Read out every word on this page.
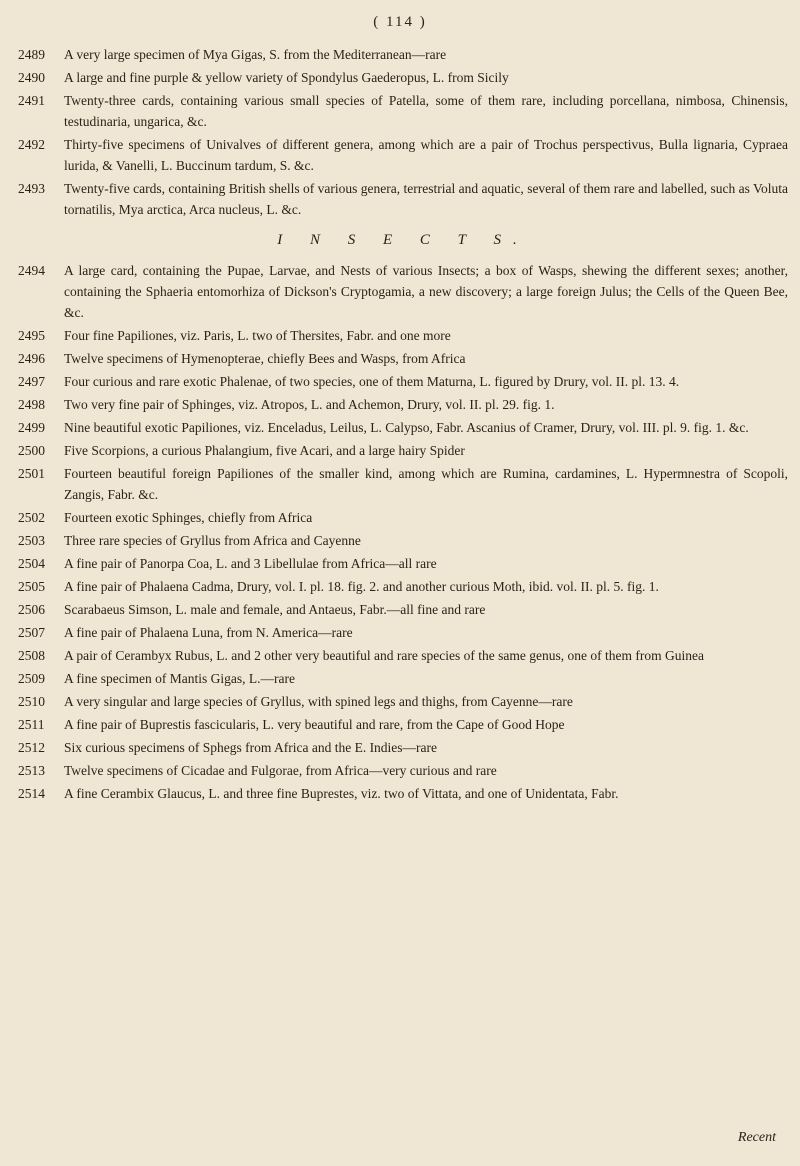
( 114 )
2489	A very large specimen of Mya Gigas, S. from the Mediterranean—rare
2490	A large and fine purple & yellow variety of Spondylus Gaederopus, L. from Sicily
2491	Twenty-three cards, containing various small species of Patella, some of them rare, including porcellana, nimbosa, Chinensis, testudinaria, ungarica, &c.
2492	Thirty-five specimens of Univalves of different genera, among which are a pair of Trochus perspectivus, Bulla lignaria, Cypraea lurida, & Vanelli, L. Buccinum tardum, S. &c.
2493	Twenty-five cards, containing British shells of various genera, terrestrial and aquatic, several of them rare and labelled, such as Voluta tornatilis, Mya arctica, Arca nucleus, L. &c.
I N S E C T S.
2494	A large card, containing the Pupae, Larvae, and Nests of various Insects; a box of Wasps, shewing the different sexes; another, containing the Sphaeria entomorhiza of Dickson's Cryptogamia, a new discovery; a large foreign Julus; the Cells of the Queen Bee, &c.
2495	Four fine Papiliones, viz. Paris, L. two of Thersites, Fabr. and one more
2496	Twelve specimens of Hymenopterae, chiefly Bees and Wasps, from Africa
2497	Four curious and rare exotic Phalenae, of two species, one of them Maturna, L. figured by Drury, vol. II. pl. 13. 4.
2498	Two very fine pair of Sphinges, viz. Atropos, L. and Achemon, Drury, vol. II. pl. 29. fig. 1.
2499	Nine beautiful exotic Papiliones, viz. Enceladus, Leilus, L. Calypso, Fabr. Ascanius of Cramer, Drury, vol. III. pl. 9. fig. 1. &c.
2500	Five Scorpions, a curious Phalangium, five Acari, and a large hairy Spider
2501	Fourteen beautiful foreign Papiliones of the smaller kind, among which are Rumina, cardamines, L. Hypermnestra of Scopoli, Zangis, Fabr. &c.
2502	Fourteen exotic Sphinges, chiefly from Africa
2503	Three rare species of Gryllus from Africa and Cayenne
2504	A fine pair of Panorpa Coa, L. and 3 Libellulae from Africa—all rare
2505	A fine pair of Phalaena Cadma, Drury, vol. I. pl. 18. fig. 2. and another curious Moth, ibid. vol. II. pl. 5. fig. 1.
2506	Scarabaeus Simson, L. male and female, and Antaeus, Fabr.—all fine and rare
2507	A fine pair of Phalaena Luna, from N. America—rare
2508	A pair of Cerambyx Rubus, L. and 2 other very beautiful and rare species of the same genus, one of them from Guinea
2509	A fine specimen of Mantis Gigas, L.—rare
2510	A very singular and large species of Gryllus, with spined legs and thighs, from Cayenne—rare
2511	A fine pair of Buprestis fascicularis, L. very beautiful and rare, from the Cape of Good Hope
2512	Six curious specimens of Sphegs from Africa and the E. Indies—rare
2513	Twelve specimens of Cicadae and Fulgorae, from Africa—very curious and rare
2514	A fine Cerambix Glaucus, L. and three fine Buprestes, viz. two of Vittata, and one of Unidentata, Fabr.
Recent
